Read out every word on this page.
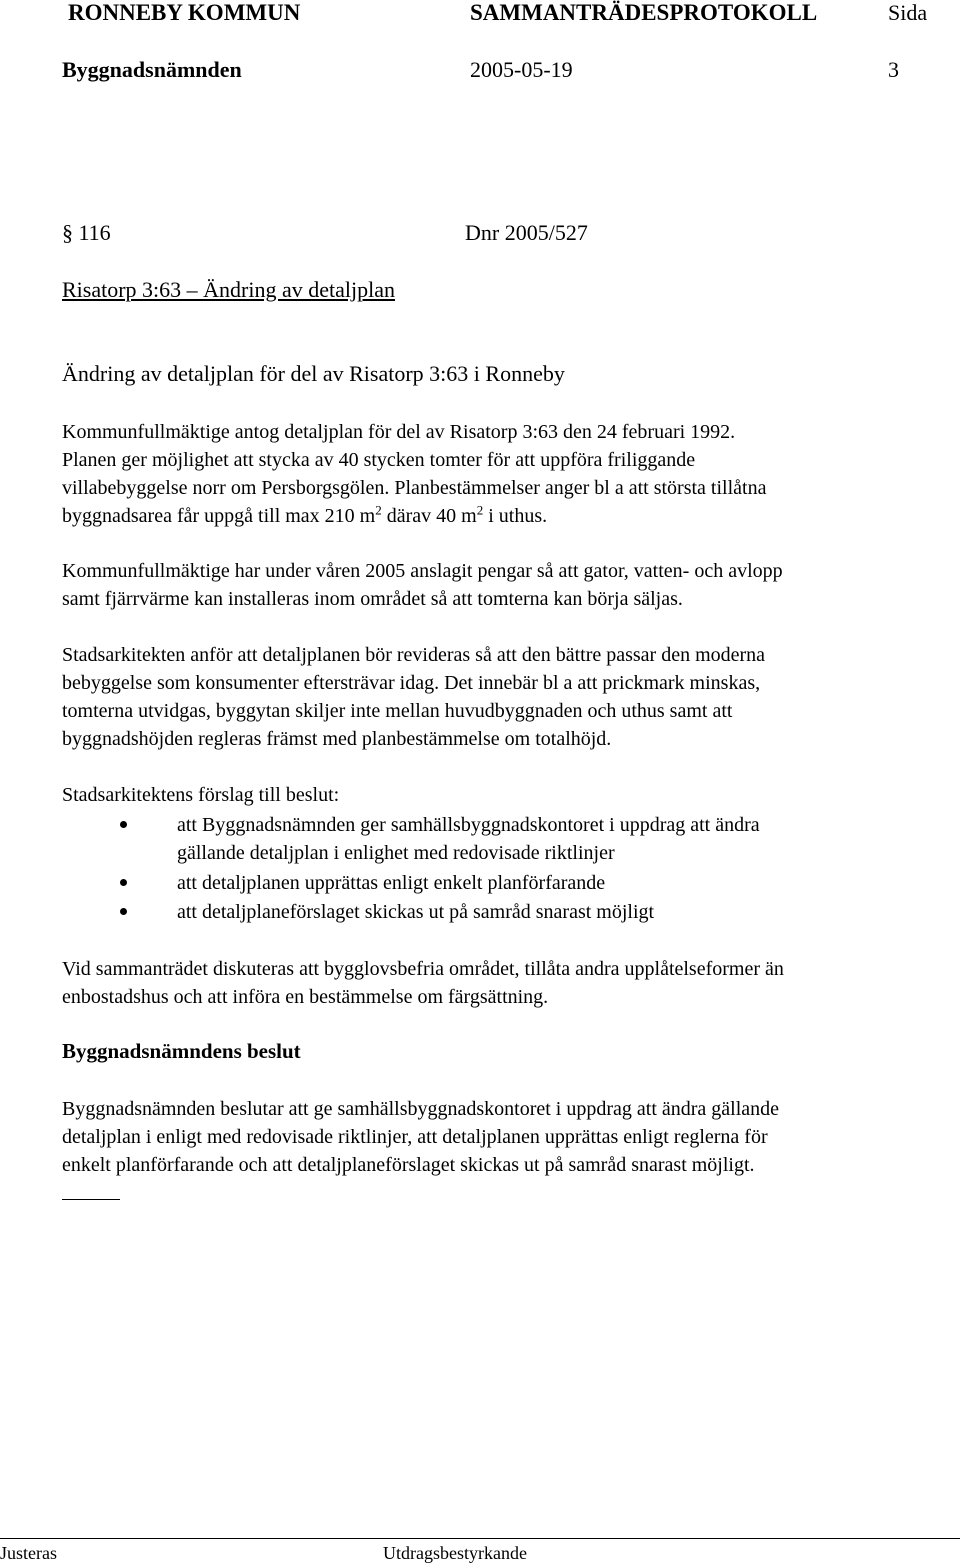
RONNEBY KOMMUN	SAMMANTRÄDESPROTOKOLL	Sida
Byggnadsnämnden	2005-05-19	3
§ 116	Dnr 2005/527
Risatorp 3:63 – Ändring av detaljplan
Ändring av detaljplan för del av Risatorp 3:63 i Ronneby
Kommunfullmäktige antog detaljplan för del av Risatorp 3:63 den 24 februari 1992.
Planen ger möjlighet att stycka av 40 stycken tomter för att uppföra friliggande
villabebyggelse norr om Persborgsgölen. Planbestämmelser anger bl a att största tillåtna
byggnadsarea får uppgå till max 210 $m^2$ därav 40 $m^2$ i uthus.
Kommunfullmäktige har under våren 2005 anslagit pengar så att gator, vatten- och avlopp
samt fjärrvärme kan installeras inom området så att tomterna kan börja säljas.
Stadsarkitekten anför att detaljplanen bör revideras så att den bättre passar den moderna
bebyggelse som konsumenter eftersträvar idag. Det innebär bl a att prickmark minskas,
tomterna utvidgas, byggytan skiljer inte mellan huvudbyggnaden och uthus samt att
byggnadshöjden regleras främst med planbestämmelse om totalhöjd.
Stadsarkitektens förslag till beslut:
att Byggnadsnämnden ger samhällsbyggnadskontoret i uppdrag att ändra
gällande detaljplan i enlighet med redovisade riktlinjer
att detaljplanen upprättas enligt enkelt planförfarande
att detaljplaneförslaget skickas ut på samråd snarast möjligt
Vid sammanträdet diskuteras att bygglovsbefria området, tillåta andra upplåtelseformer än
enbostadshus och att införa en bestämmelse om färgsättning.
Byggnadsnämndens beslut
Byggnadsnämnden beslutar att ge samhällsbyggnadskontoret i uppdrag att ändra gällande
detaljplan i enligt med redovisade riktlinjer, att detaljplanen upprättas enligt reglerna för
enkelt planförfarande och att detaljplaneförslaget skickas ut på samråd snarast möjligt.
Justeras	Utdragsbestyrkande
